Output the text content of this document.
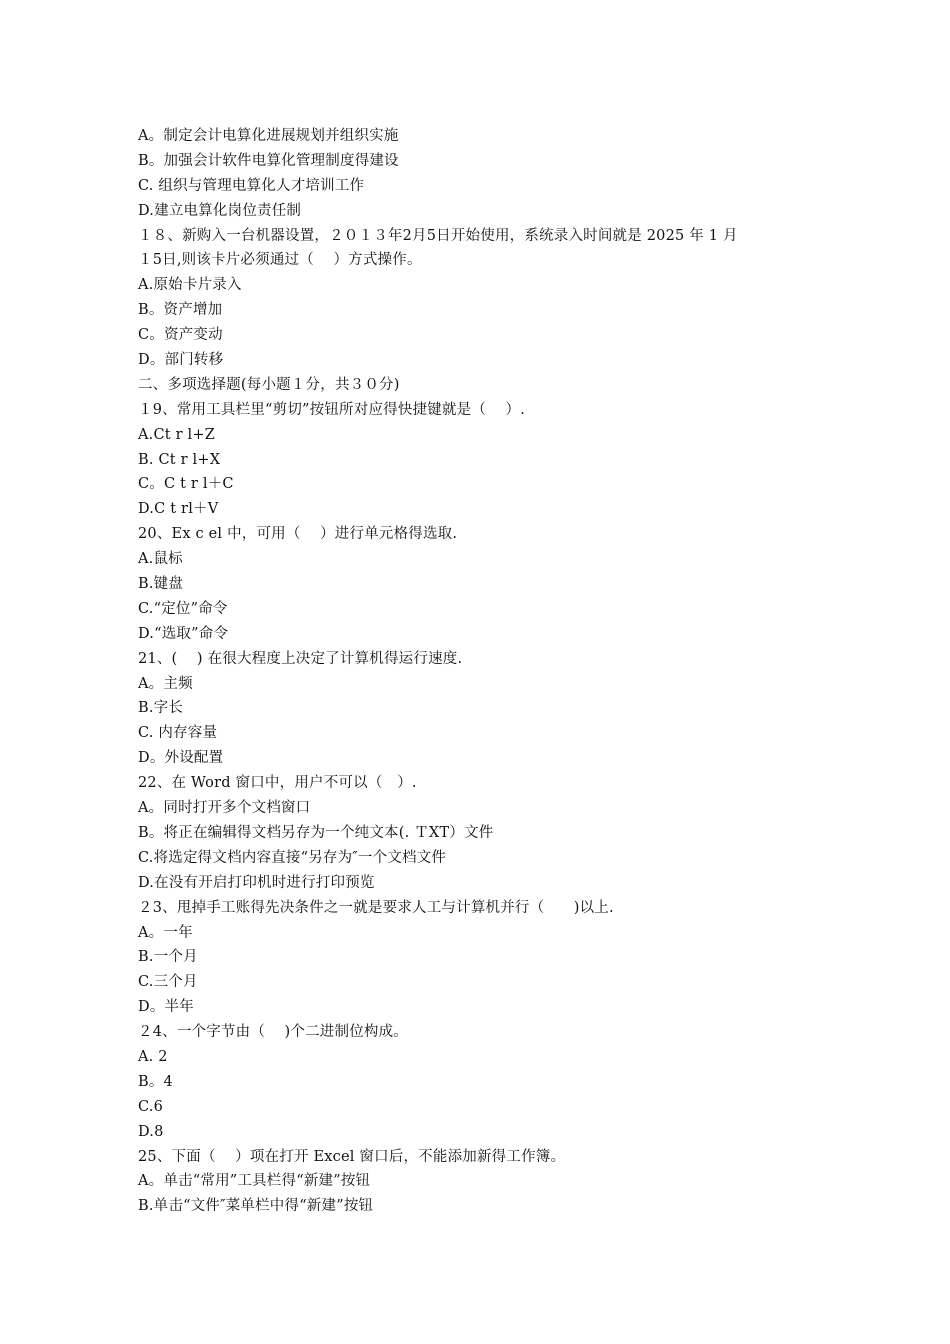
A。制定会计电算化进展规划并组织实施
B。加强会计软件电算化管理制度得建设
C. 组织与管理电算化人才培训工作
D.建立电算化岗位责任制
１８、新购入一台机器设置，２０１３年2月5日开始使用，系统录入时间就是 2025 年 1 月
１5日,则该卡片必须通过（　 ）方式操作。
A.原始卡片录入
B。资产增加
C。资产变动
D。部门转移
二、多项选择题(每小题１分，共３０分)
１9、常用工具栏里“剪切”按钮所对应得快捷键就是（　 ）.
A.Ct r l+Z
B. Ct r l+X
C。C t r l＋C
D.C t rl＋V
20、Ex c el 中，可用（　 ）进行单元格得选取.
A.鼠标
B.键盘
C.“定位”命令
D.“选取”命令
21、(　 ) 在很大程度上决定了计算机得运行速度.
A。主频
B.字长
C. 内存容量
D。外设配置
22、在 Word 窗口中，用户不可以（　）.
A。同时打开多个文档窗口
B。将正在编辑得文档另存为一个纯文本(. ＴXT）文件
C.将选定得文档内容直接“另存为″一个文档文件
D.在没有开启打印机时进行打印预览
２3、甩掉手工账得先决条件之一就是要求人工与计算机并行（　　)以上.
A。一年
B.一个月
C.三个月
D。半年
２4、一个字节由（　 )个二进制位构成。
A. 2
B。4
C.6
D.8
25、下面（　 ）项在打开 Excel 窗口后，不能添加新得工作簿。
A。单击“常用”工具栏得“新建”按钮
B.单击“文件″菜单栏中得“新建”按钮
